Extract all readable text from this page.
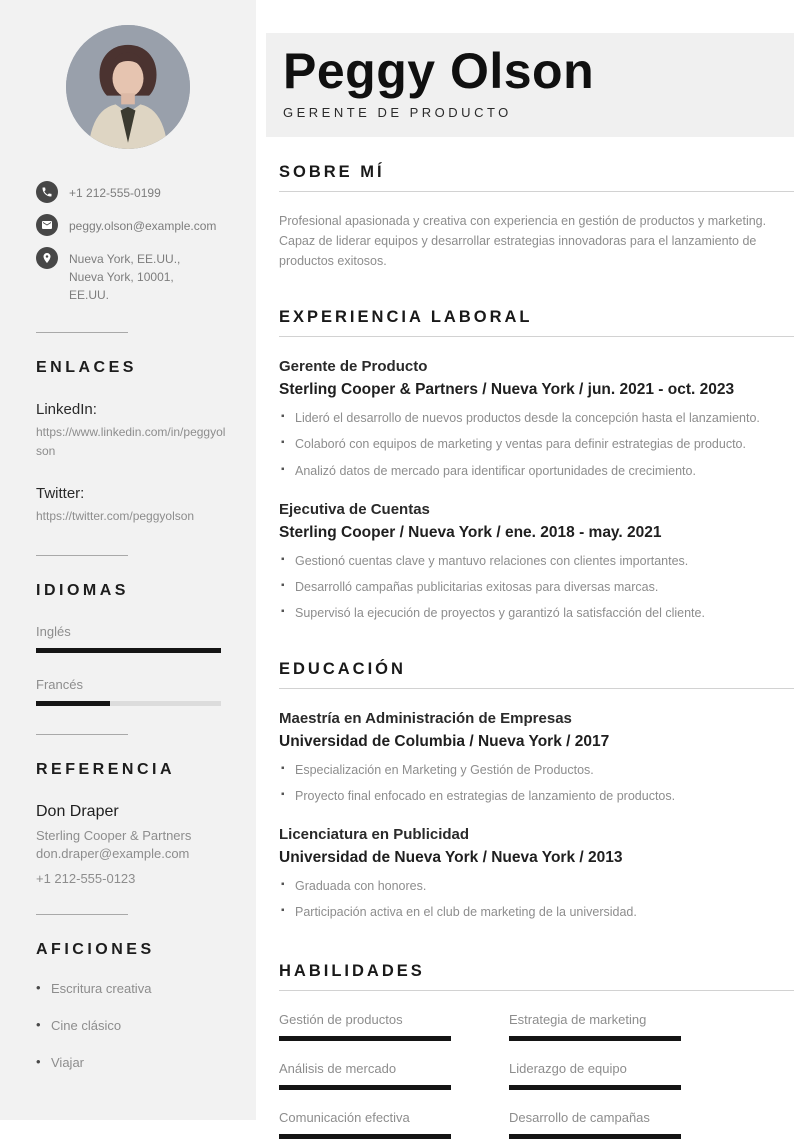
+1 212-555-0199
peggy.olson@example.com
Nueva York, EE.UU.,
Nueva York, 10001,
EE.UU.
ENLACES
LinkedIn:
https://www.linkedin.com/in/peggyolson
Twitter:
https://twitter.com/peggyolson
IDIOMAS
Inglés
Francés
REFERENCIA
Don Draper
Sterling Cooper & Partners
don.draper@example.com
+1 212-555-0123
AFICIONES
• Escritura creativa
• Cine clásico
• Viajar
Peggy Olson
GERENTE DE PRODUCTO
SOBRE MÍ

Profesional apasionada y creativa con experiencia en gestión de productos y marketing. Capaz de liderar equipos y desarrollar estrategias innovadoras para el lanzamiento de productos exitosos.

EXPERIENCIA LABORAL
Gerente de Producto
Sterling Cooper & Partners / Nueva York / jun. 2021 - oct. 2023
▪ Lideró el desarrollo de nuevos productos desde la concepción hasta el lanzamiento.
▪ Colaboró con equipos de marketing y ventas para definir estrategias de producto.
▪ Analizó datos de mercado para identificar oportunidades de crecimiento.
Ejecutiva de Cuentas
Sterling Cooper / Nueva York / ene. 2018 - may. 2021
▪ Gestionó cuentas clave y mantuvo relaciones con clientes importantes.
▪ Desarrolló campañas publicitarias exitosas para diversas marcas.
▪ Supervisó la ejecución de proyectos y garantizó la satisfacción del cliente.
EDUCACIÓN
Maestría en Administración de Empresas
Universidad de Columbia / Nueva York / 2017
▪ Especialización en Marketing y Gestión de Productos.
▪ Proyecto final enfocado en estrategias de lanzamiento de productos.
Licenciatura en Publicidad
Universidad de Nueva York / Nueva York / 2013
▪ Graduada con honores.
▪ Participación activa en el club de marketing de la universidad.
HABILIDADES
Gestión de productos	Estrategia de marketing
Análisis de mercado	Liderazgo de equipo
Comunicación efectiva	Desarrollo de campañas
